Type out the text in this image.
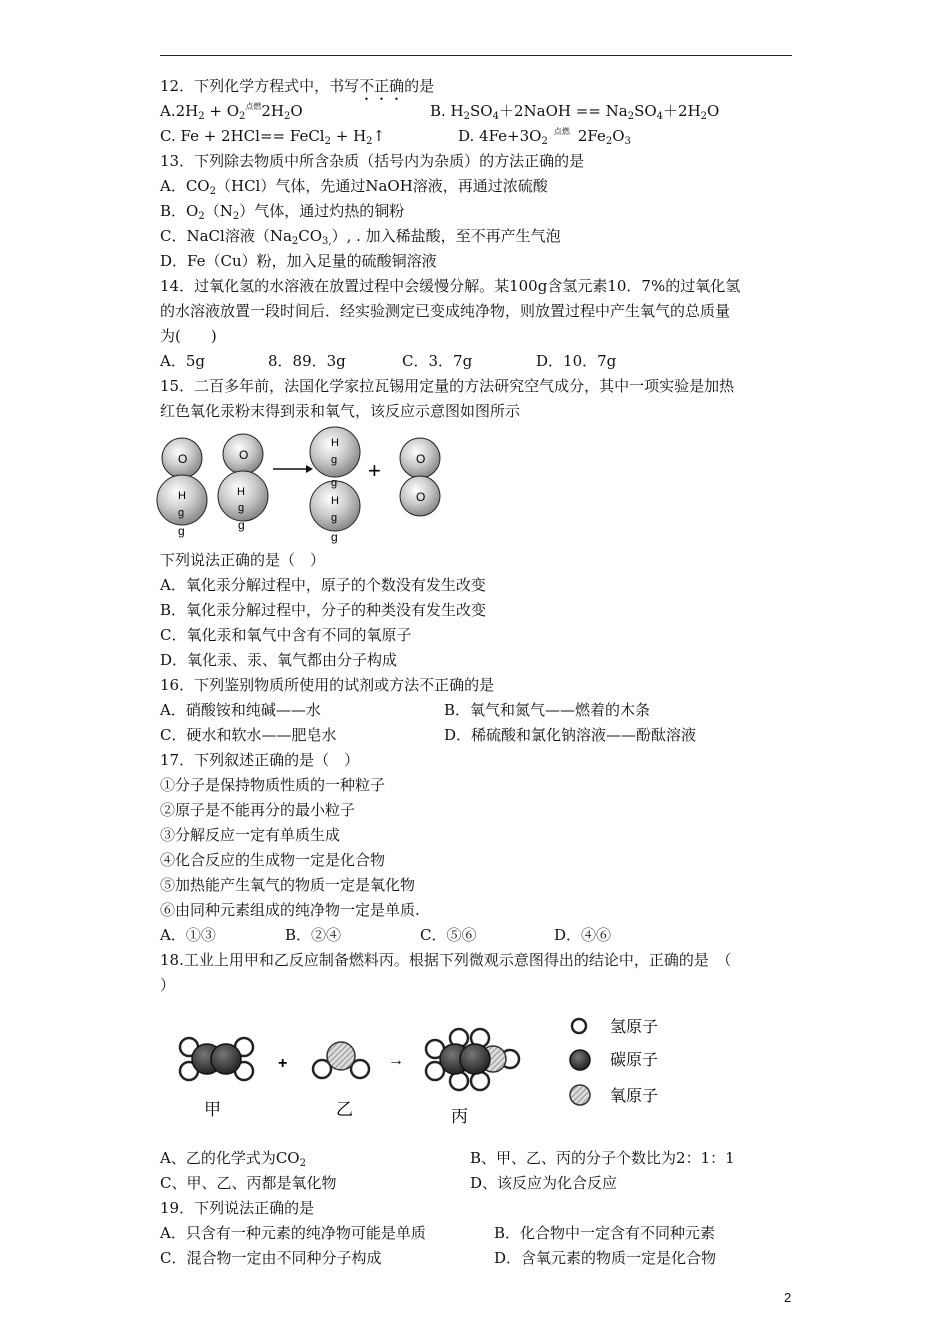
12．下列化学方程式中，书写不正确的是
$A.2H_2 + O_2^{点燃}2H_2O$	B. $H_2SO_4+2NaOH == Na_2SO_4+2H_2O$
C. Fe + 2HCl== FeCl$_2$ + $H_2↑$	D. $4Fe+3O_2^{点燃}$ $2Fe_2O_3$
13．下列除去物质中所含杂质（括号内为杂质）的方法正确的是
A．$CO_2(HCl)$气体，先通过NaOH溶液，再通过浓硫酸
B．$O_2(N_2)$气体，通过灼热的铜粉
C．NaCl溶液$(Na_2CO_{3,})$, . 加入稀盐酸，至不再产生气泡
D．Fe（Cu）粉，加入足量的硫酸铜溶液
14．过氧化氢的水溶液在放置过程中会缓慢分解。某100g含氢元素10．7%的过氧化氢
的水溶液放置一段时间后．经实验测定已变成纯净物，则放置过程中产生氧气的总质量
为(　　)
A．5g	8．89．3g	C．3．7g	D．10．7g
15．二百多年前，法国化学家拉瓦锡用定量的方法研究空气成分，其中一项实验是加热
红色氧化汞粉末得到汞和氧气，该反应示意图如图所示
O
H
g
g
O
H
g
g
H
g
g
H
g
g
+	O
O
下列说法正确的是（　）
A．氧化汞分解过程中，原子的个数没有发生改变
B．氧化汞分解过程中，分子的种类没有发生改变
C．氧化汞和氧气中含有不同的氧原子
D．氧化汞、汞、氧气都由分子构成
16．下列鉴别物质所使用的试剂或方法不正确的是
A．硝酸铵和纯碱——水	B．氧气和氮气——燃着的木条
C．硬水和软水——肥皂水	D．稀硫酸和氯化钠溶液——酚酞溶液
17．下列叙述正确的是（　）
①分子是保持物质性质的一种粒子
②原子是不能再分的最小粒子
③分解反应一定有单质生成
④化合反应的生成物一定是化合物
⑤加热能产生氧气的物质一定是氧化物
⑥由同种元素组成的纯净物一定是单质.
A．①③	B．②④	C．⑤⑥	D．④⑥
18.工业上用甲和乙反应制备燃料丙。根据下列微观示意图得出的结论中，正确的是　（
）
+	→
甲	乙	丙
氢原子
碳原子
氧原子
A、乙的化学式为$CO_2$	B、甲、乙、丙的分子个数比为2：1：1
C、甲、乙、丙都是氧化物	D、该反应为化合反应
19．下列说法正确的是
A．只含有一种元素的纯净物可能是单质	B．化合物中一定含有不同种元素
C．混合物一定由不同种分子构成	D．含氧元素的物质一定是化合物
2
